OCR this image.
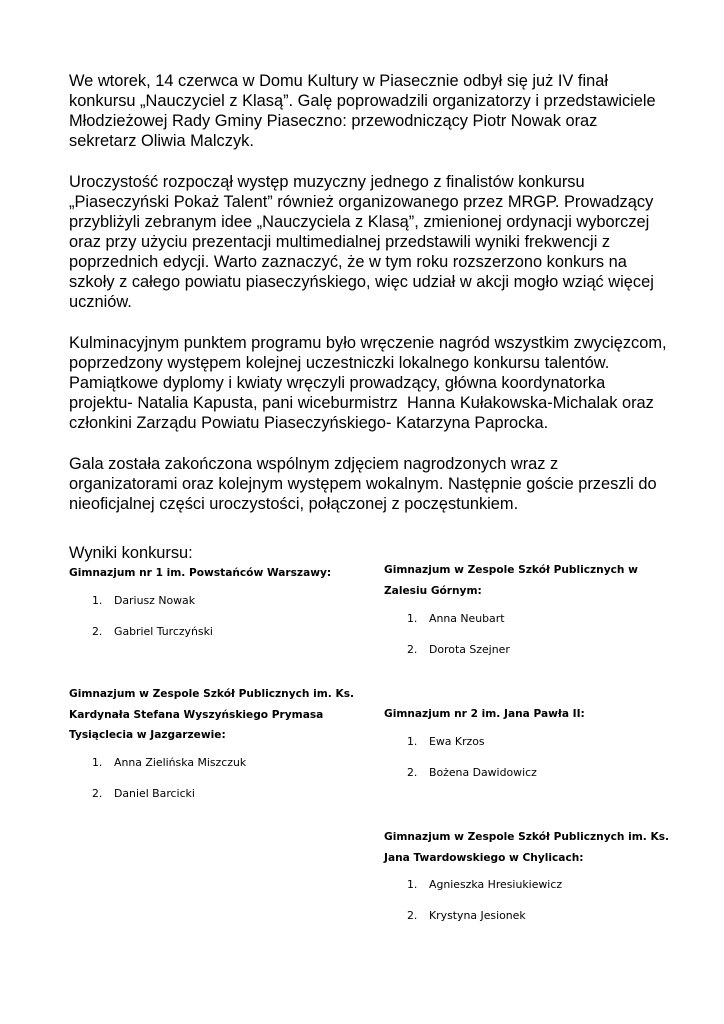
We wtorek, 14 czerwca w Domu Kultury w Piasecznie odbył się już IV finał konkursu „Nauczyciel z Klasą”. Galę poprowadzili organizatorzy i przedstawiciele Młodzieżowej Rady Gminy Piaseczno: przewodniczący Piotr Nowak oraz sekretarz Oliwia Malczyk.

Uroczystość rozpoczął występ muzyczny jednego z finalistów konkursu „Piaseczyński Pokaż Talent” również organizowanego przez MRGP. Prowadzący przybliżyli zebranym idee „Nauczyciela z Klasą”, zmienionej ordynacji wyborczej oraz przy użyciu prezentacji multimedialnej przedstawili wyniki frekwencji z poprzednich edycji. Warto zaznaczyć, że w tym roku rozszerzono konkurs na szkoły z całego powiatu piaseczyńskiego, więc udział w akcji mogło wziąć więcej uczniów.

Kulminacyjnym punktem programu było wręczenie nagród wszystkim zwycięzcom,   poprzedzony występem kolejnej uczestniczki lokalnego konkursu talentów.  Pamiątkowe dyplomy i kwiaty wręczyli prowadzący, główna koordynatorka projektu- Natalia Kapusta, pani wiceburmistrz  Hanna Kułakowska-Michalak oraz członkini Zarządu Powiatu Piaseczyńskiego- Katarzyna Paprocka.

Gala została zakończona wspólnym zdjęciem nagrodzonych wraz z organizatorami oraz kolejnym występem wokalnym. Następnie goście przeszli do nieoficjalnej części uroczystości, połączonej z poczęstunkiem.

Wyniki konkursu:

Gimnazjum nr 1 im. Powstańców Warszawy:

1. Dariusz Nowak
2. Gabriel Turczyński

Gimnazjum w Zespole Szkół Publicznych w Zalesiu Górnym:

1. Anna Neubart
2. Dorota Szejner

Gimnazjum w Zespole Szkół Publicznych im. Ks. Kardynała Stefana Wyszyńskiego Prymasa Tysiąclecia w Jazgarzewie:

1. Anna Zielińska Miszczuk
2. Daniel Barcicki

Gimnazjum nr 2 im. Jana Pawła II:

1. Ewa Krzos
2. Bożena Dawidowicz

Gimnazjum w Zespole Szkół Publicznych im. Ks. Jana Twardowskiego w Chylicach:

1. Agnieszka Hresiukiewicz
2. Krystyna Jesionek
